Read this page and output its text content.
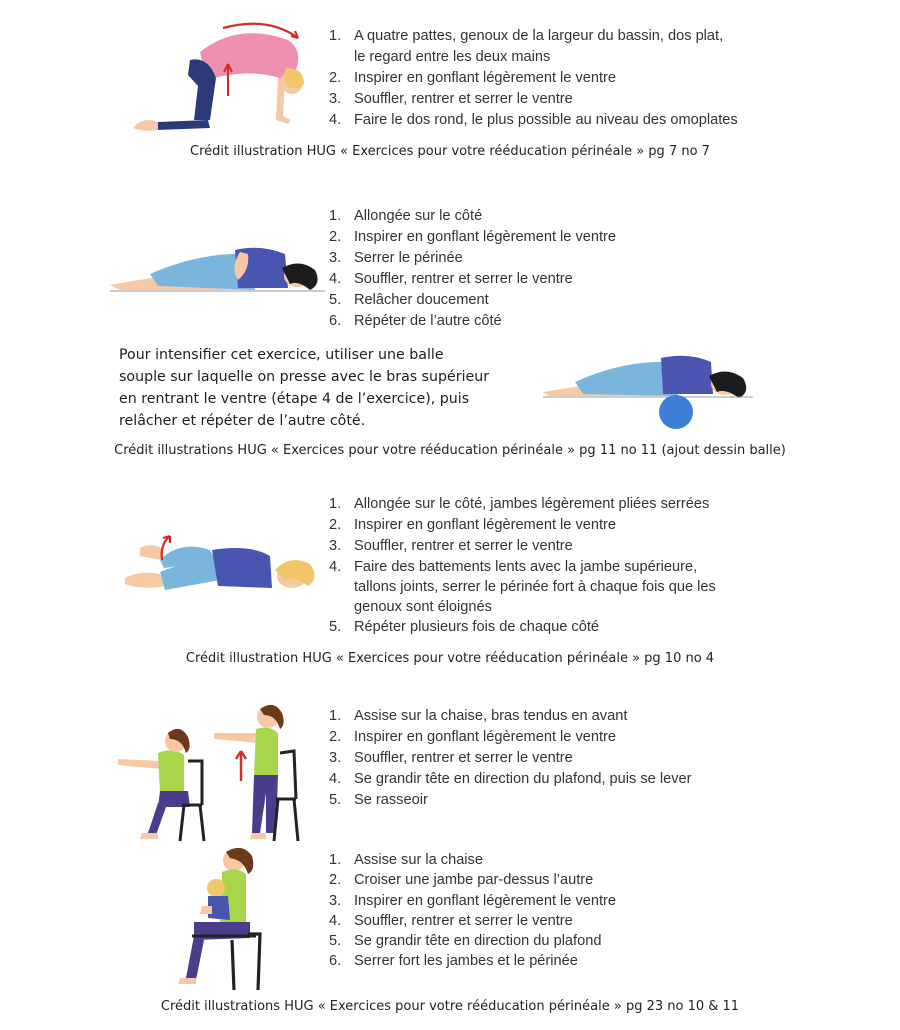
1. A quatre pattes, genoux de la largeur du bassin, dos plat,
le regard entre les deux mains
2. Inspirer en gonflant légèrement le ventre
3. Souffler, rentrer et serrer le ventre
4. Faire le dos rond, le plus possible au niveau des omoplates
Crédit illustration HUG « Exercices pour votre rééducation périnéale » pg 7 no 7
1. Allongée sur le côté
2. Inspirer en gonflant légèrement le ventre
3. Serrer le périnée
4. Souffler, rentrer et serrer le ventre
5. Relâcher doucement
6. Répéter de l’autre côté
Pour intensifier cet exercice, utiliser une balle
souple sur laquelle on presse avec le bras supérieur
en rentrant le ventre (étape 4 de l’exercice), puis
relâcher et répéter de l’autre côté.
Crédit illustrations HUG « Exercices pour votre rééducation périnéale » pg 11 no 11 (ajout dessin balle)
1. Allongée sur le côté, jambes légèrement pliées serrées
2. Inspirer en gonflant légèrement le ventre
3. Souffler, rentrer et serrer le ventre
4. Faire des battements lents avec la jambe supérieure,
tallons joints, serrer le périnée fort à chaque fois que les
genoux sont éloignés
5. Répéter plusieurs fois de chaque côté
Crédit illustration HUG « Exercices pour votre rééducation périnéale » pg 10 no 4
1. Assise sur la chaise, bras tendus en avant
2. Inspirer en gonflant légèrement le ventre
3. Souffler, rentrer et serrer le ventre
4. Se grandir tête en direction du plafond, puis se lever
5. Se rasseoir
1. Assise sur la chaise
2. Croiser une jambe par-dessus l’autre
3. Inspirer en gonflant légèrement le ventre
4. Souffler, rentrer et serrer le ventre
5. Se grandir tête en direction du plafond
6. Serrer fort les jambes et le périnée
Crédit illustrations HUG « Exercices pour votre rééducation périnéale » pg 23 no 10 & 11
